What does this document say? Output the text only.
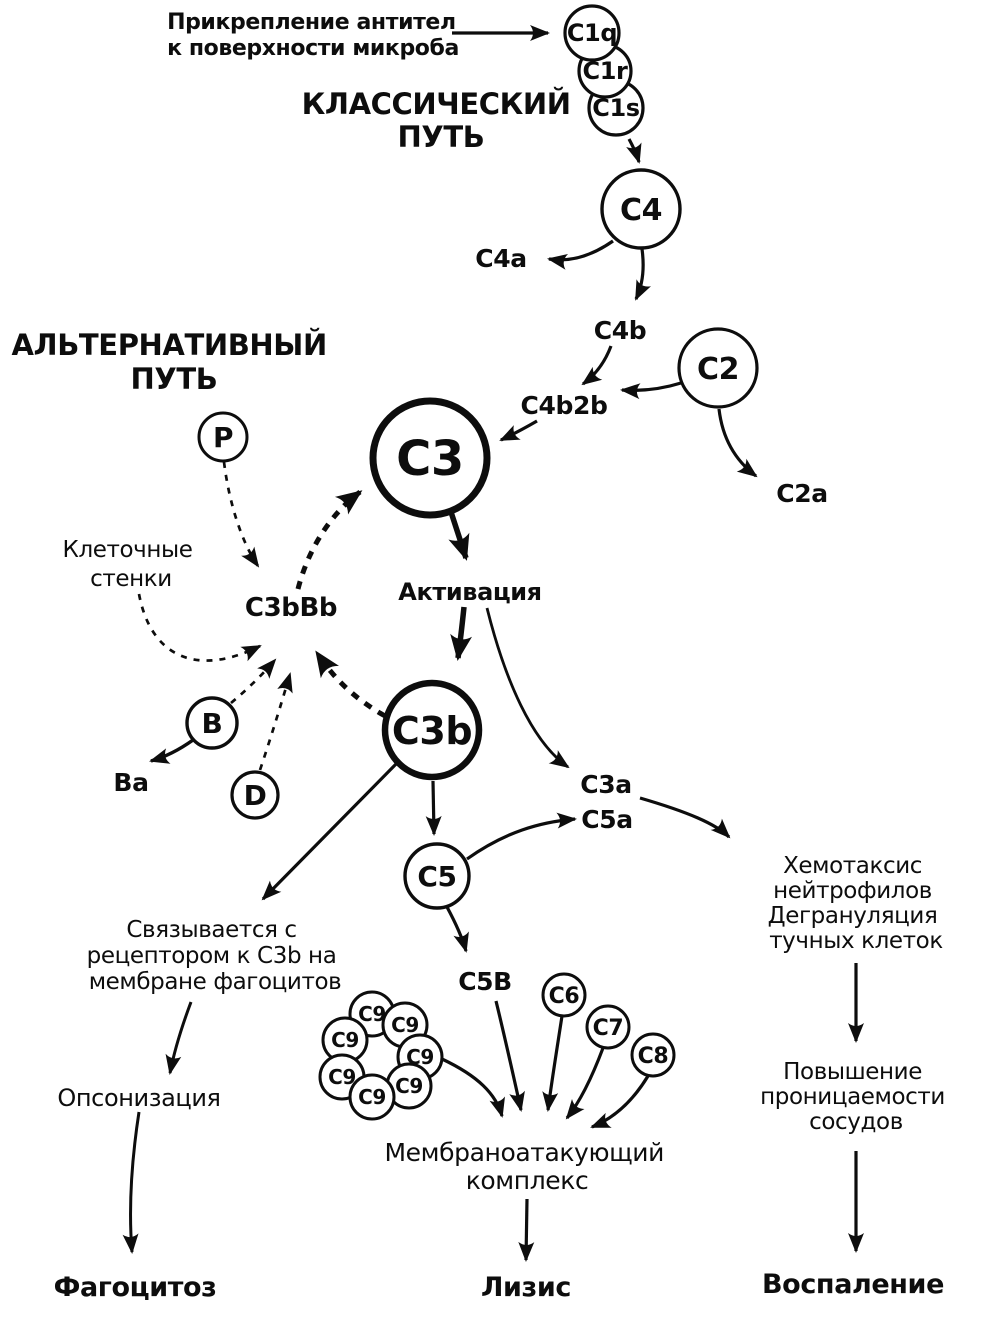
C1q
C1r
C1s
C4
C2
C3
P
B
D
C3b
C5
C6
C7
C8
C9 C9
C9
C9
C9 C9
C9
C4a
C4b
C4b2b
C2a
C3bBb
Ba	C3a
C5a
C5B
КЛАССИЧЕСКИЙ ПУТЬ
АЛЬТЕРНАТИВНЫЙ ПУТЬ
Прикрепление антител к поверхности микроба
Клеточные стенки	Активация
Связывается с рецептором к C3b на мембране фагоцитов
Опсонизация
Мембраноатакующий комплекс
Хемотаксис нейтрофилов Дегрануляция тучных клеток
Повышение проницаемости сосудов
Фагоцитоз	Лизис	Воспаление
